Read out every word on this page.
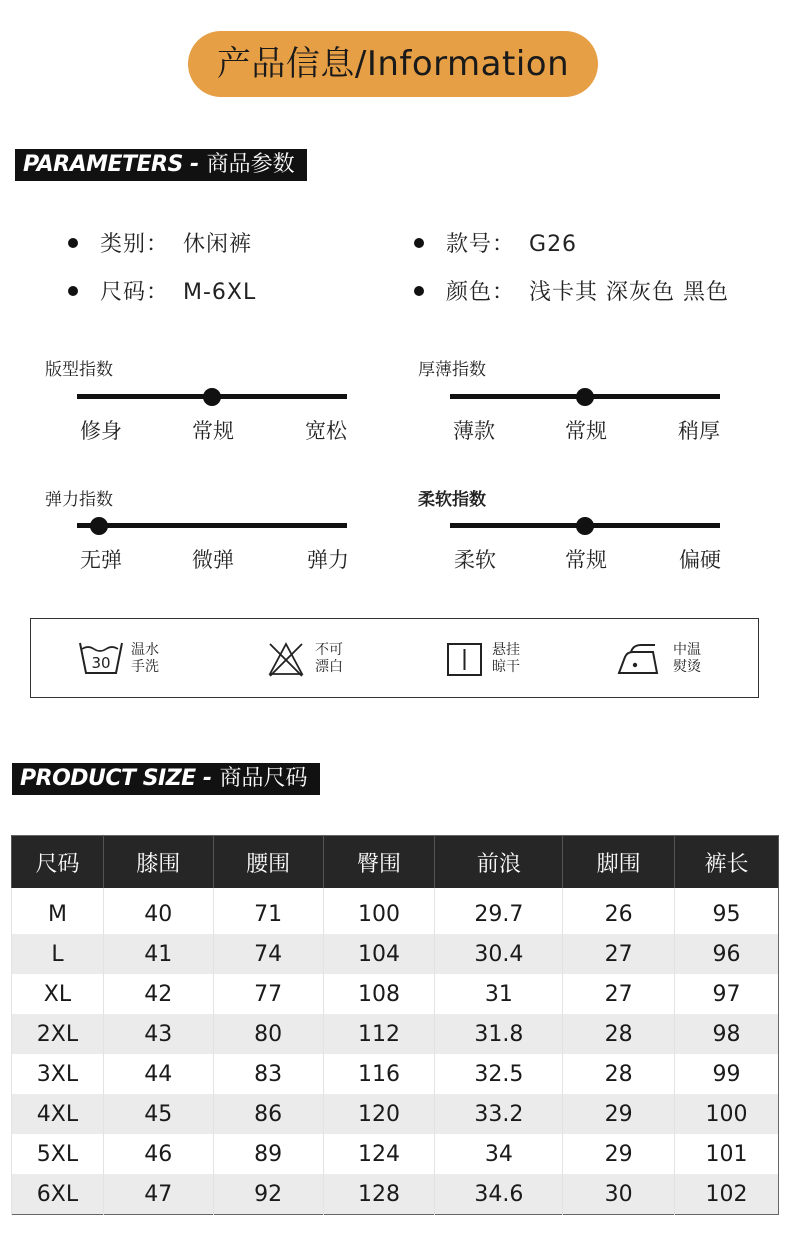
产品信息/Information
PARAMETERS - 商品参数
类别： 休闲裤	款号： G26
尺码： M-6XL	颜色： 浅卡其 深灰色 黑色
版型指数
修身	常规	宽松
厚薄指数
薄款	常规	稍厚
弹力指数
无弹	微弹	弹力
柔软指数
柔软	常规	偏硬
30
温水
手洗
不可
漂白
悬挂
晾干
中温
熨烫
PRODUCT SIZE - 商品尺码
尺码	膝围	腰围	臀围	前浪	脚围	裤长
M	40	71	100	29.7	26	95
L	41	74	104	30.4	27	96
XL	42	77	108	31	27	97
2XL	43	80	112	31.8	28	98
3XL	44	83	116	32.5	28	99
4XL	45	86	120	33.2	29	100
5XL	46	89	124	34	29	101
6XL	47	92	128	34.6	30	102
